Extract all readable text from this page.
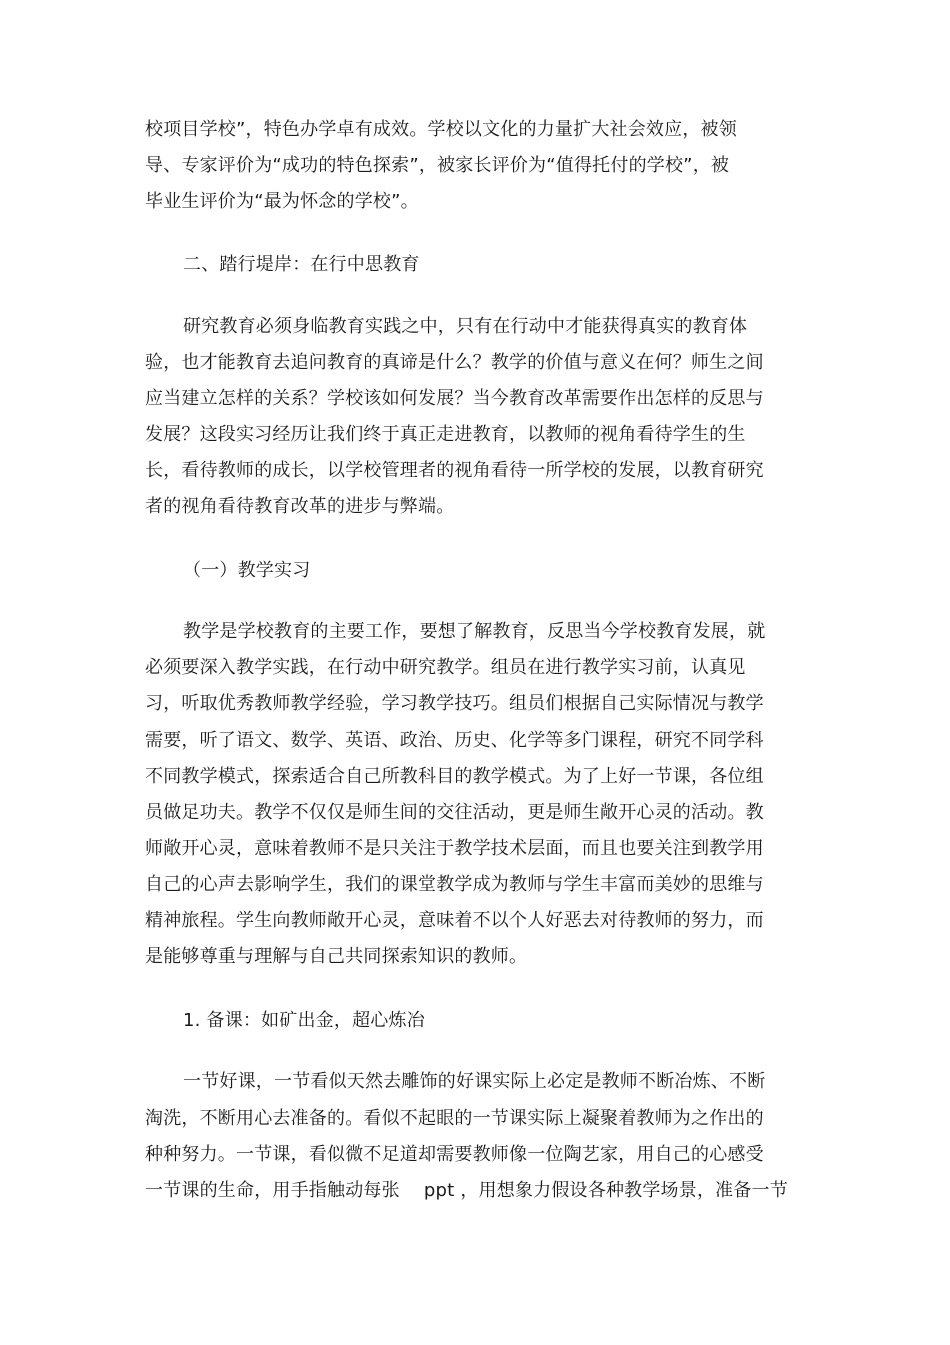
校项目学校”，特色办学卓有成效。学校以文化的力量扩大社会效应，被领
导、专家评价为“成功的特色探索”，被家长评价为“值得托付的学校”，被
毕业生评价为“最为怀念的学校”。
二、踏行堤岸：在行中思教育
研究教育必须身临教育实践之中，只有在行动中才能获得真实的教育体
验，也才能教育去追问教育的真谛是什么？教学的价值与意义在何？师生之间
应当建立怎样的关系？学校该如何发展？当今教育改革需要作出怎样的反思与
发展？这段实习经历让我们终于真正走进教育，以教师的视角看待学生的生
长，看待教师的成长，以学校管理者的视角看待一所学校的发展，以教育研究
者的视角看待教育改革的进步与弊端。
（一）教学实习
教学是学校教育的主要工作，要想了解教育，反思当今学校教育发展，就
必须要深入教学实践，在行动中研究教学。组员在进行教学实习前，认真见
习，听取优秀教师教学经验，学习教学技巧。组员们根据自己实际情况与教学
需要，听了语文、数学、英语、政治、历史、化学等多门课程，研究不同学科
不同教学模式，探索适合自己所教科目的教学模式。为了上好一节课，各位组
员做足功夫。教学不仅仅是师生间的交往活动，更是师生敞开心灵的活动。教
师敞开心灵，意味着教师不是只关注于教学技术层面，而且也要关注到教学用
自己的心声去影响学生，我们的课堂教学成为教师与学生丰富而美妙的思维与
精神旅程。学生向教师敞开心灵，意味着不以个人好恶去对待教师的努力，而
是能够尊重与理解与自己共同探索知识的教师。
1. 备课：如矿出金，超心炼冶
一节好课，一节看似天然去雕饰的好课实际上必定是教师不断冶炼、不断
淘洗，不断用心去准备的。看似不起眼的一节课实际上凝聚着教师为之作出的
种种努力。一节课，看似微不足道却需要教师像一位陶艺家，用自己的心感受
一节课的生命，用手指触动每张　 ppt ，用想象力假设各种教学场景，准备一节
